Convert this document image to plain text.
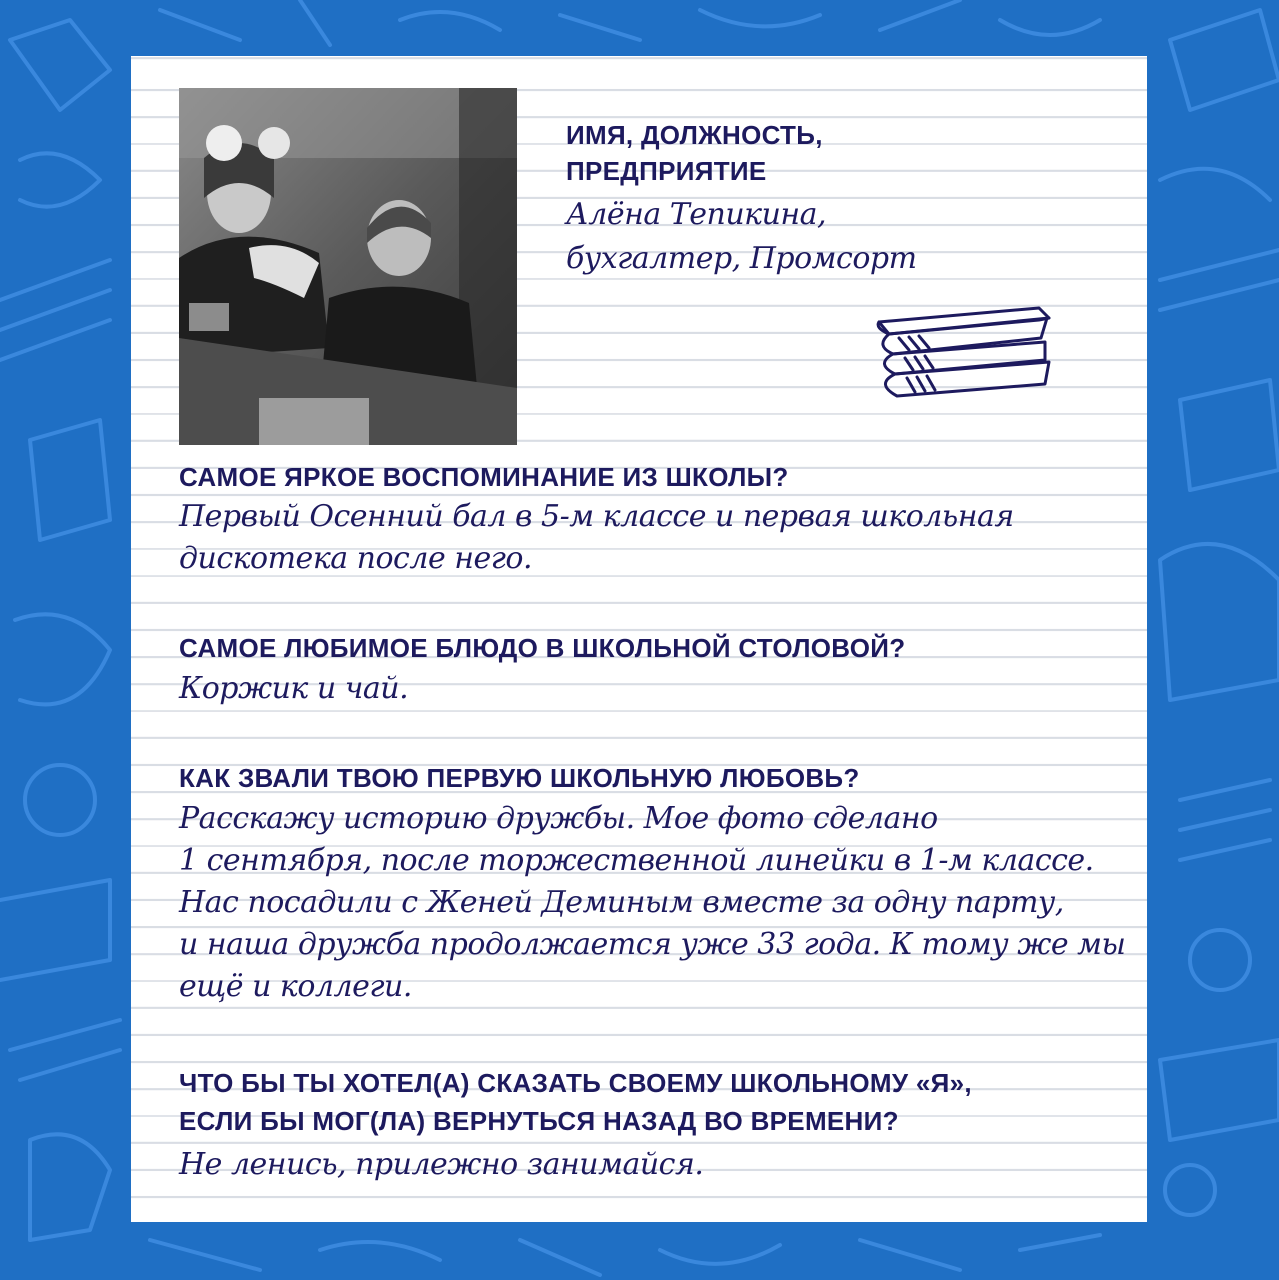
ИМЯ, ДОЛЖНОСТЬ,
ПРЕДПРИЯТИЕ

Алёна Тепикина,

бухгалтер, Промсорт

САМОЕ ЯРКОЕ ВОСПОМИНАНИЕ ИЗ ШКОЛЫ?

Первый Осенний бал в 5-м классе и первая школьная

дискотека после него.

САМОЕ ЛЮБИМОЕ БЛЮДО В ШКОЛЬНОЙ СТОЛОВОЙ?

Коржик и чай.

КАК ЗВАЛИ ТВОЮ ПЕРВУЮ ШКОЛЬНУЮ ЛЮБОВЬ?

Расскажу историю дружбы. Мое фото сделано

1 сентября, после торжественной линейки в 1-м классе.

Нас посадили с Женей Деминым вместе за одну парту,

и наша дружба продолжается уже 33 года. К тому же мы

ещё и коллеги.

ЧТО БЫ ТЫ ХОТЕЛ(А) СКАЗАТЬ СВОЕМУ ШКОЛЬНОМУ «Я»,
ЕСЛИ БЫ МОГ(ЛА) ВЕРНУТЬСЯ НАЗАД ВО ВРЕМЕНИ?

Не ленись, прилежно занимайся.
